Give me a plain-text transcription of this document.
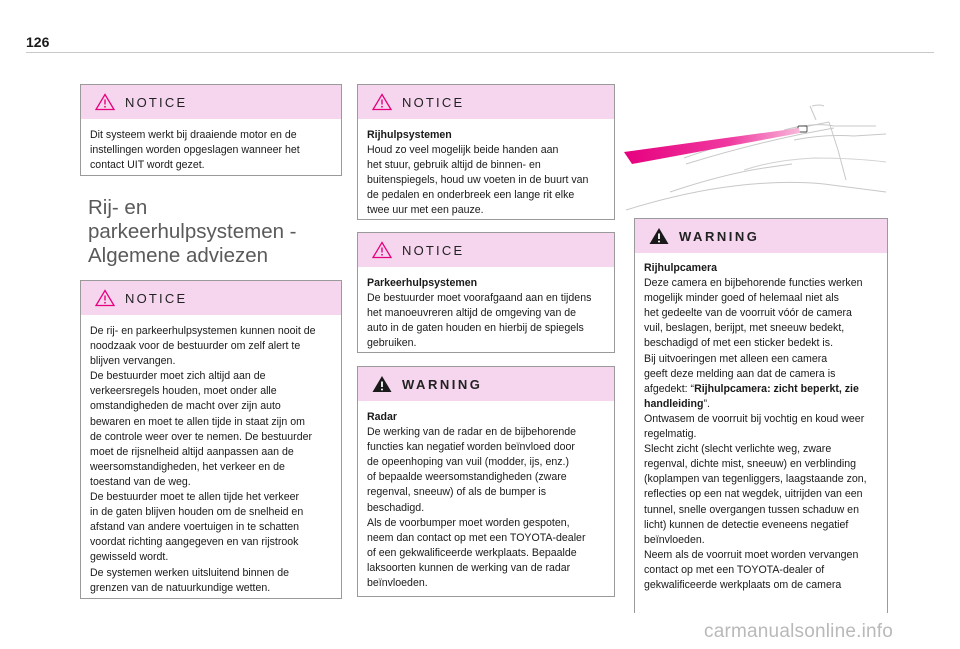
126
NOTICE

Dit systeem werkt bij draaiende motor en de

instellingen worden opgeslagen wanneer het

contact UIT wordt gezet.

Rij- en
parkeerhulpsystemen -
Algemene adviezen
NOTICE

De rij- en parkeerhulpsystemen kunnen nooit de

noodzaak voor de bestuurder om zelf alert te

blijven vervangen.

De bestuurder moet zich altijd aan de

verkeersregels houden, moet onder alle

omstandigheden de macht over zijn auto

bewaren en moet te allen tijde in staat zijn om

de controle weer over te nemen. De bestuurder

moet de rijsnelheid altijd aanpassen aan de

weersomstandigheden, het verkeer en de

toestand van de weg.

De bestuurder moet te allen tijde het verkeer

in de gaten blijven houden om de snelheid en

afstand van andere voertuigen in te schatten

voordat richting aangegeven en van rijstrook

gewisseld wordt.

De systemen werken uitsluitend binnen de

grenzen van de natuurkundige wetten.

NOTICE

Rijhulpsystemen

Houd zo veel mogelijk beide handen aan

het stuur, gebruik altijd de binnen- en

buitenspiegels, houd uw voeten in de buurt van

de pedalen en onderbreek een lange rit elke

twee uur met een pauze.

NOTICE

Parkeerhulpsystemen

De bestuurder moet voorafgaand aan en tijdens

het manoeuvreren altijd de omgeving van de

auto in de gaten houden en hierbij de spiegels

gebruiken.

WARNING

Radar

De werking van de radar en de bijbehorende

functies kan negatief worden beïnvloed door

de opeenhoping van vuil (modder, ijs, enz.)

of bepaalde weersomstandigheden (zware

regenval, sneeuw) of als de bumper is

beschadigd.

Als de voorbumper moet worden gespoten,

neem dan contact op met een TOYOTA-dealer

of een gekwalificeerde werkplaats. Bepaalde

laksoorten kunnen de werking van de radar

beïnvloeden.

WARNING

Rijhulpcamera

Deze camera en bijbehorende functies werken

mogelijk minder goed of helemaal niet als

het gedeelte van de voorruit vóór de camera

vuil, beslagen, berijpt, met sneeuw bedekt,

beschadigd of met een sticker bedekt is.

Bij uitvoeringen met alleen een camera

geeft deze melding aan dat de camera is

afgedekt: “Rijhulpcamera: zicht beperkt, zie

handleiding”.

Ontwasem de voorruit bij vochtig en koud weer

regelmatig.

Slecht zicht (slecht verlichte weg, zware

regenval, dichte mist, sneeuw) en verblinding

(koplampen van tegenliggers, laagstaande zon,

reflecties op een nat wegdek, uitrijden van een

tunnel, snelle overgangen tussen schaduw en

licht) kunnen de detectie eveneens negatief

beïnvloeden.

Neem als de voorruit moet worden vervangen

contact op met een TOYOTA-dealer of

gekwalificeerde werkplaats om de camera

carmanualsonline.info
